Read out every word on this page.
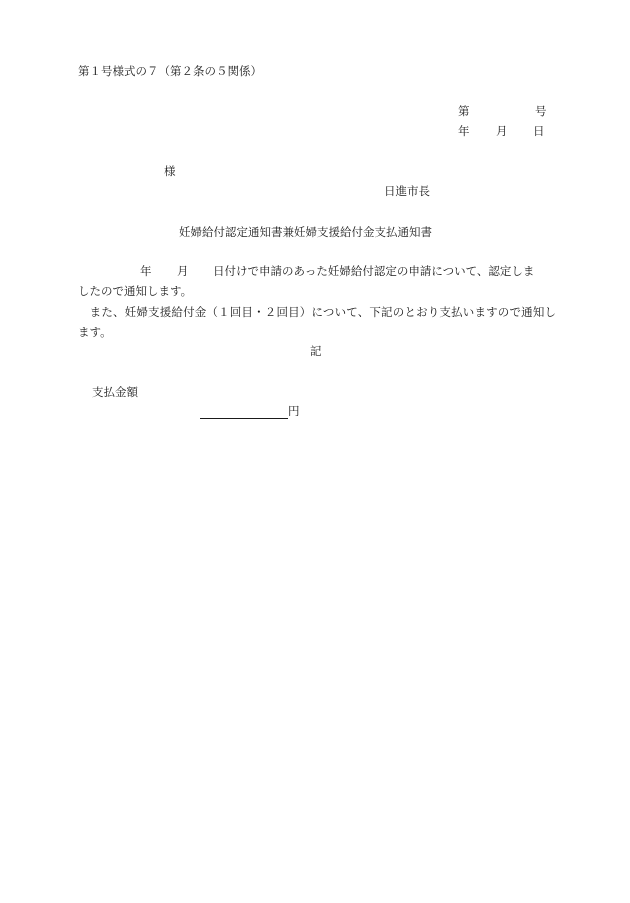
第１号様式の７（第２条の５関係）
第	号
年 月 日
様
日進市長
妊婦給付認定通知書兼妊婦支援給付金支払通知書
年 月 日付けで申請のあった妊婦給付認定の申請について、認定しま
したので通知します。

　また、妊婦支援給付金（１回目・２回目）について、下記のとおり支払いますので通知します。

記
支払金額
円
